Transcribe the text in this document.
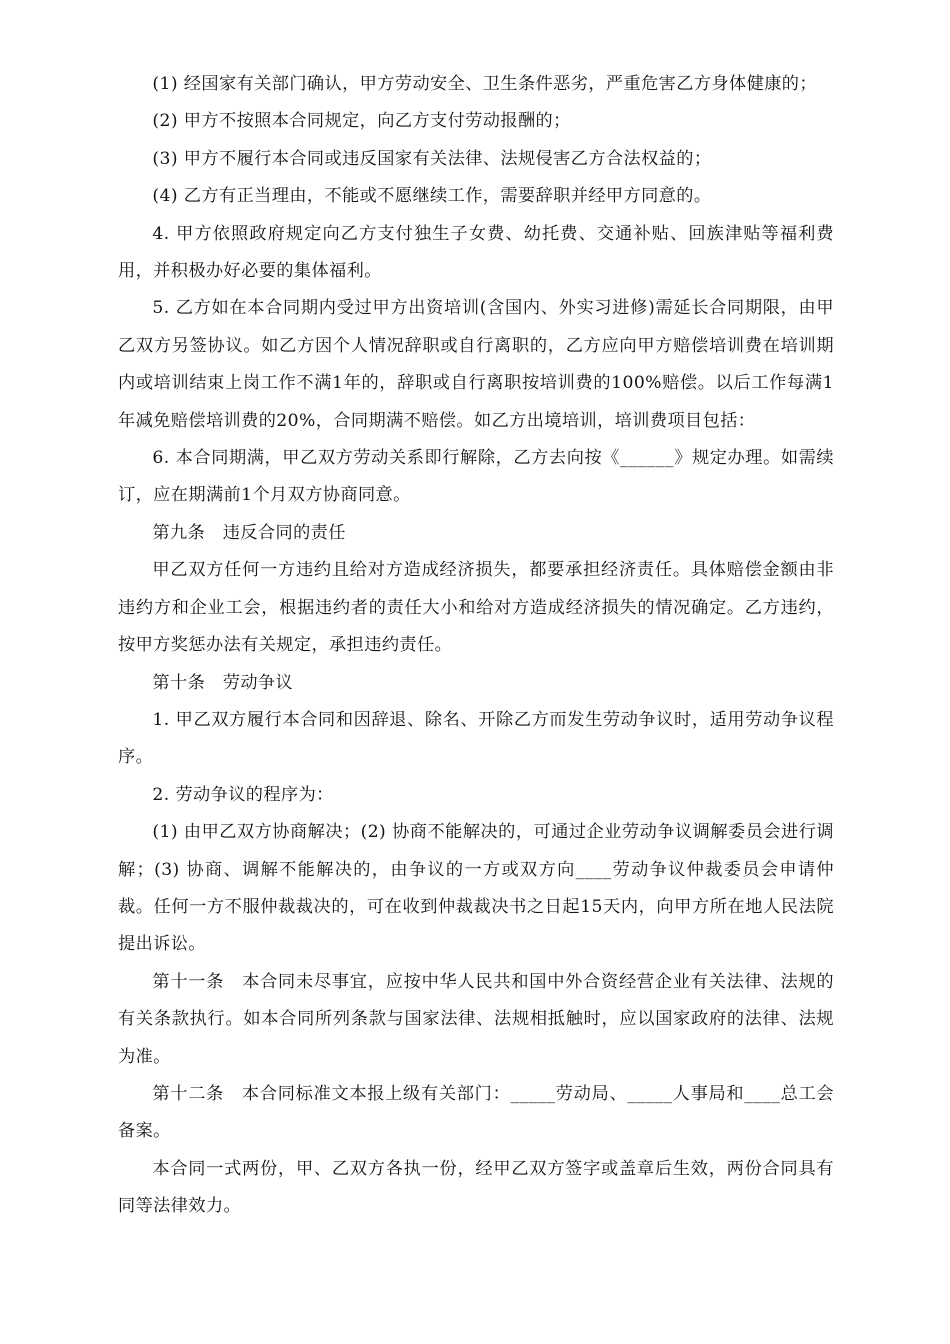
(1) 经国家有关部门确认，甲方劳动安全、卫生条件恶劣，严重危害乙方身体健康的；

(2) 甲方不按照本合同规定，向乙方支付劳动报酬的；

(3) 甲方不履行本合同或违反国家有关法律、法规侵害乙方合法权益的；

(4) 乙方有正当理由，不能或不愿继续工作，需要辞职并经甲方同意的。

4. 甲方依照政府规定向乙方支付独生子女费、幼托费、交通补贴、回族津贴等福利费用，并积极办好必要的集体福利。

5. 乙方如在本合同期内受过甲方出资培训(含国内、外实习进修)需延长合同期限，由甲乙双方另签协议。如乙方因个人情况辞职或自行离职的，乙方应向甲方赔偿培训费在培训期内或培训结束上岗工作不满1年的，辞职或自行离职按培训费的100%赔偿。以后工作每满1年减免赔偿培训费的20%，合同期满不赔偿。如乙方出境培训，培训费项目包括：

6. 本合同期满，甲乙双方劳动关系即行解除，乙方去向按《______》规定办理。如需续订，应在期满前1个月双方协商同意。

第九条　违反合同的责任

甲乙双方任何一方违约且给对方造成经济损失，都要承担经济责任。具体赔偿金额由非违约方和企业工会，根据违约者的责任大小和给对方造成经济损失的情况确定。乙方违约，按甲方奖惩办法有关规定，承担违约责任。

第十条　劳动争议

1. 甲乙双方履行本合同和因辞退、除名、开除乙方而发生劳动争议时，适用劳动争议程序。

2. 劳动争议的程序为：

(1) 由甲乙双方协商解决；(2) 协商不能解决的，可通过企业劳动争议调解委员会进行调解；(3) 协商、调解不能解决的，由争议的一方或双方向____劳动争议仲裁委员会申请仲裁。任何一方不服仲裁裁决的，可在收到仲裁裁决书之日起15天内，向甲方所在地人民法院提出诉讼。

第十一条　本合同未尽事宜，应按中华人民共和国中外合资经营企业有关法律、法规的有关条款执行。如本合同所列条款与国家法律、法规相抵触时，应以国家政府的法律、法规为准。

第十二条　本合同标准文本报上级有关部门：_____劳动局、_____人事局和____总工会备案。

本合同一式两份，甲、乙双方各执一份，经甲乙双方签字或盖章后生效，两份合同具有同等法律效力。
